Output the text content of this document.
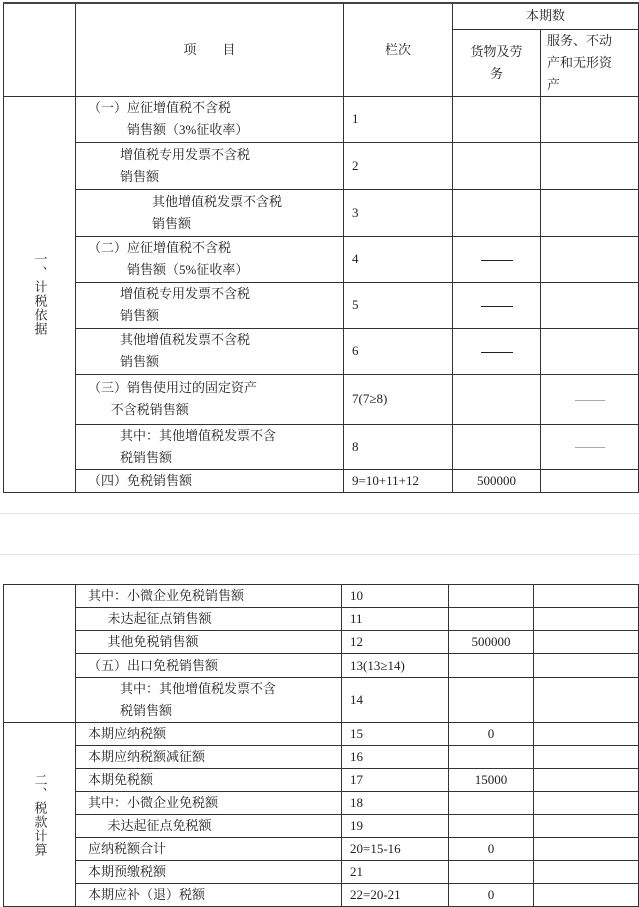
	项　　目	栏次	本期数
货物及劳
务	服务、不动
产和无形资
产

一、计税依据
	（一）应征增值税不含税
销售额（3%征收率）	1		
增值税专用发票不含税
销售额	2		
其他增值税发票不含税
销售额	3		
（二）应征增值税不含税
销售额（5%征收率）	4		
增值税专用发票不含税
销售额	5		
其他增值税发票不含税
销售额	6		
（三）销售使用过的固定资产
不含税销售额	7(7≥8)		
其中：其他增值税发票不含
税销售额	8		
（四）免税销售额	9=10+11+12	500000	
	其中：小微企业免税销售额	10		
未达起征点销售额	11		
其他免税销售额	12	500000	
（五）出口免税销售额	13(13≥14)		
其中：其他增值税发票不含
税销售额	14		

二、税款计算
	本期应纳税额	15	0	
本期应纳税额减征额	16		
本期免税额	17	15000	
其中：小微企业免税额	18		
未达起征点免税额	19		
应纳税额合计	20=15-16	0	
本期预缴税额	21		
本期应补（退）税额	22=20-21	0	
